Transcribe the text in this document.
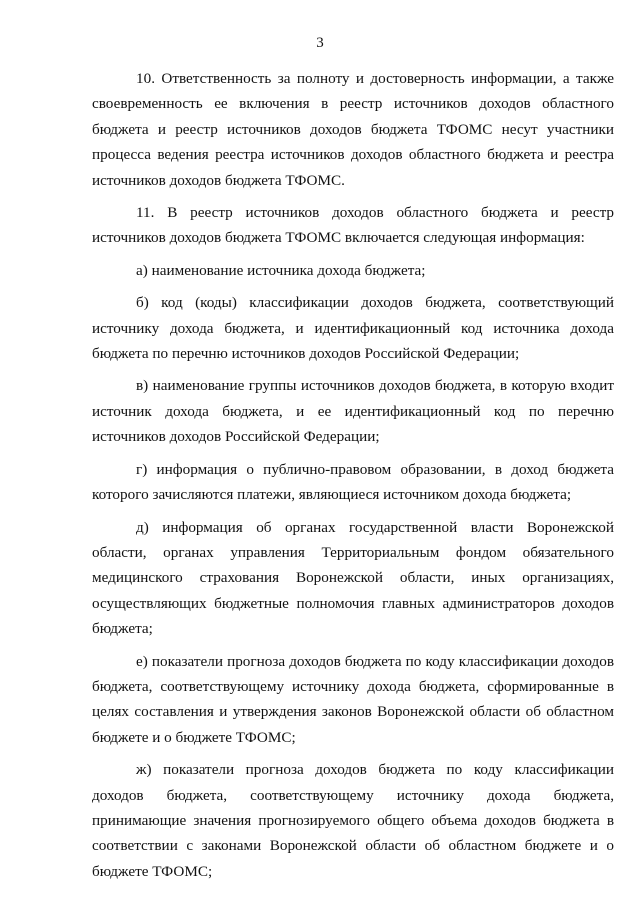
3

10. Ответственность за полноту и достоверность информации, а также своевременность ее включения в реестр источников доходов областного бюджета и реестр источников доходов бюджета ТФОМС несут участники процесса ведения реестра источников доходов областного бюджета и реестра источников доходов бюджета ТФОМС.

11. В реестр источников доходов областного бюджета и реестр источников доходов бюджета ТФОМС включается следующая информация:

а) наименование источника дохода бюджета;

б) код (коды) классификации доходов бюджета, соответствующий источнику дохода бюджета, и идентификационный код источника дохода бюджета по перечню источников доходов Российской Федерации;

в) наименование группы источников доходов бюджета, в которую входит источник дохода бюджета, и ее идентификационный код по перечню источников доходов Российской Федерации;

г) информация о публично-правовом образовании, в доход бюджета которого зачисляются платежи, являющиеся источником дохода бюджета;

д) информация об органах государственной власти Воронежской области, органах управления Территориальным фондом обязательного медицинского страхования Воронежской области, иных организациях, осуществляющих бюджетные полномочия главных администраторов доходов бюджета;

е) показатели прогноза доходов бюджета по коду классификации доходов бюджета, соответствующему источнику дохода бюджета, сформированные в целях составления и утверждения законов Воронежской области об областном бюджете и о бюджете ТФОМС;

ж) показатели прогноза доходов бюджета по коду классификации доходов бюджета, соответствующему источнику дохода бюджета, принимающие значения прогнозируемого общего объема доходов бюджета в соответствии с законами Воронежской области об областном бюджете и о бюджете ТФОМС;
